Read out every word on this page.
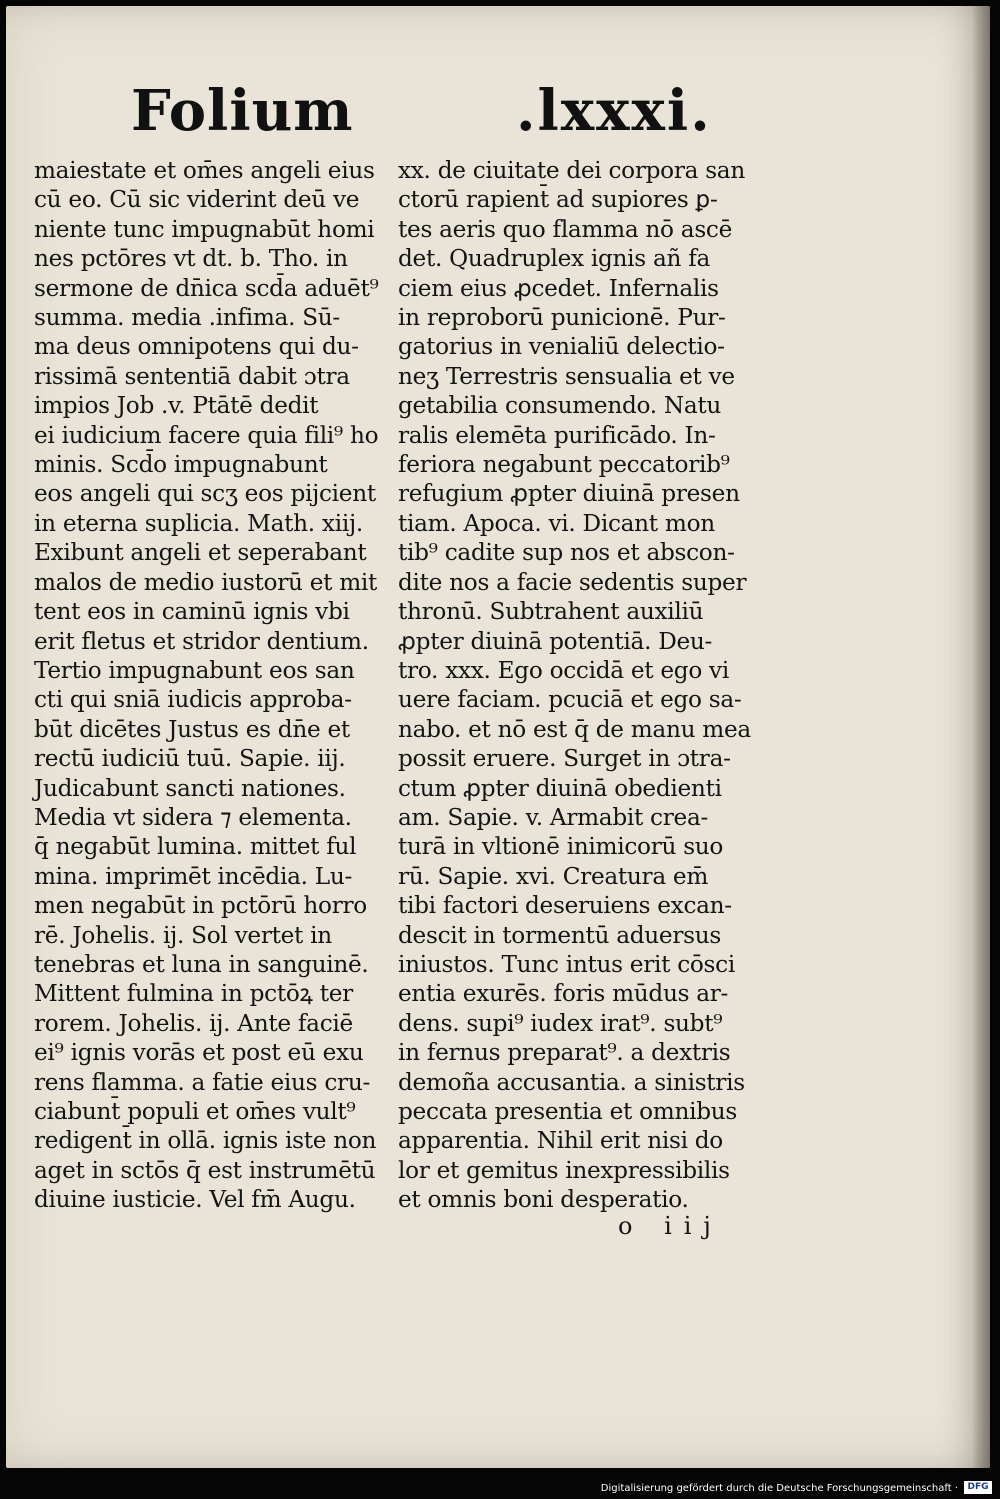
Folium	.lxxxi.
maiestate et om̄es angeli eius
cū eo. Cū sic viderint deū ve
niente tunc impugnabūt homi
nes pctōres vt dt. b. Tho. in
sermone de dn̄ica scd̄a aduēt⁹
summa. media .infima. Sū-
ma deus omnipotens qui du-
rissimā sententiā dabit ɔtra
impios Job .v. Ptātē dedit
ei iudicium facere quia fili⁹ ho
minis. Scd̄o impugnabunt
eos angeli qui scʒ eos pijcient
in eterna suplicia. Math. xiij.
Exibunt angeli et seperabant
malos de medio iustorū et mit
tent eos in caminū ignis vbi
erit fletus et stridor dentium.
Tertio impugnabunt eos san
cti qui sniā iudicis approba-
būt dicētes Justus es dn̄e et
rectū iudiciū tuū. Sapie. iij.
Judicabunt sancti nationes.
Media vt sidera ⁊ elementa.
q̄ negabūt lumina. mittet ful
mina. imprimēt incēdia. Lu-
men negabūt in pctōrū horro
rē. Johelis. ij. Sol vertet in
tenebras et luna in sanguinē.
Mittent fulmina in pctōꝝ ter
rorem. Johelis. ij. Ante faciē
ei⁹ ignis vorās et post eū exu
rens flamma. a fatie eius cru-
ciabunt̄ populi et om̄es vult⁹
redigent̄ in ollā. ignis iste non
aget in sctōs q̄ est instrumētū
diuine iusticie. Vel fm̄ Augu.
xx. de ciuitate dei corpora san
ctorū rapient̄ ad supiores ꝑ-
tes aeris quo flamma nō ascē
det. Quadruplex ignis añ fa
ciem eius ꝓcedet. Infernalis
in reproborū punicionē. Pur-
gatorius in venialiū delectio-
neʒ Terrestris sensualia et ve
getabilia consumendo. Natu
ralis elemēta purificādo. In-
feriora negabunt peccatorib⁹
refugium ꝓpter diuinā presen
tiam. Apoca. vi. Dicant mon
tib⁹ cadite sup nos et abscon-
dite nos a facie sedentis super
thronū. Subtrahent auxiliū
ꝓpter diuinā potentiā. Deu-
tro. xxx. Ego occidā et ego vi
uere faciam. pcuciā et ego sa-
nabo. et nō est q̄ de manu mea
possit eruere. Surget in ɔtra-
ctum ꝓpter diuinā obedienti
am. Sapie. v. Armabit crea-
turā in vltionē inimicorū suo
rū. Sapie. xvi. Creatura em̄
tibi factori deseruiens excan-
descit in tormentū aduersus
iniustos. Tunc intus erit cōsci
entia exurēs. foris mūdus ar-
dens. supi⁹ iudex irat⁹. subt⁹
in fernus preparat⁹. a dextris
demoña accusantia. a sinistris
peccata presentia et omnibus
apparentia. Nihil erit nisi do
lor et gemitus inexpressibilis
et omnis boni desperatio.
o iij
Digitalisierung gefördert durch die Deutsche Forschungsgemeinschaft ·	DFG
